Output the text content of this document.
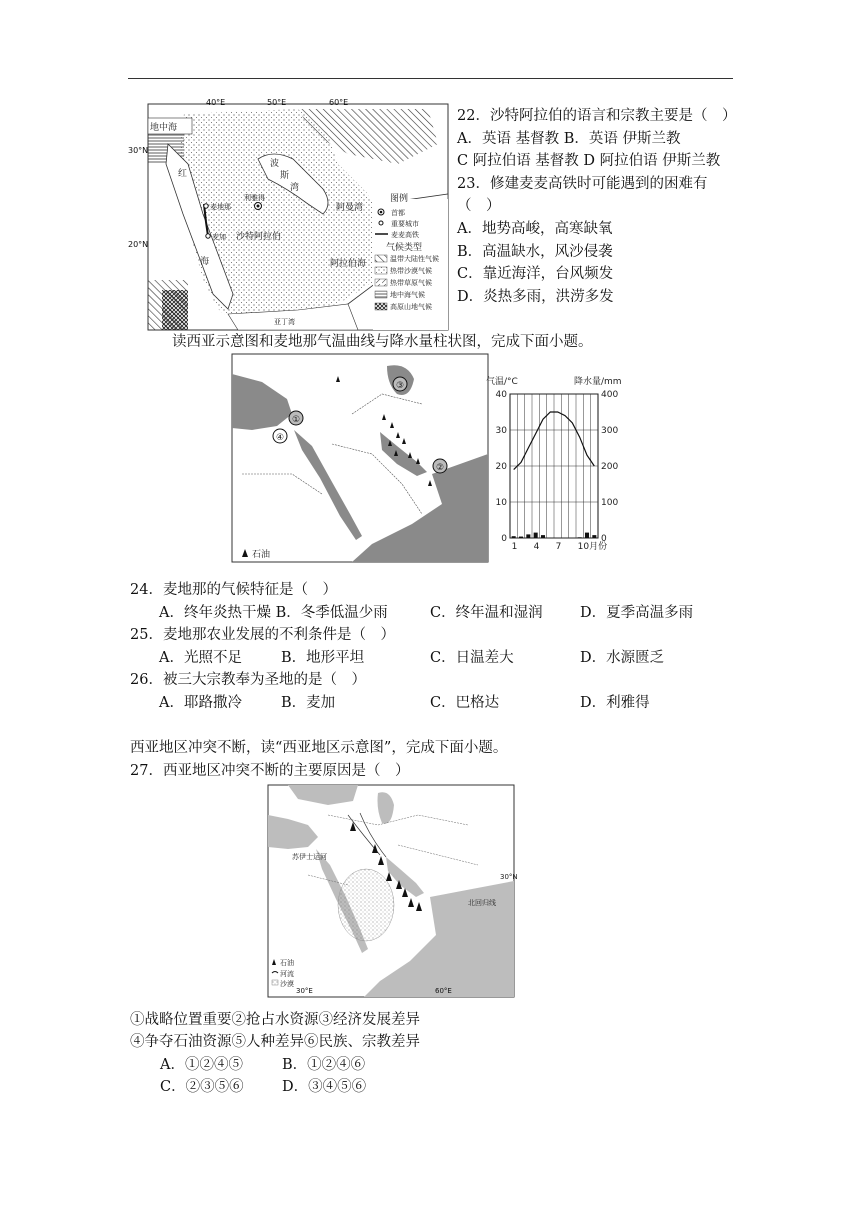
图例
首都
重要城市
麦麦高铁
气候类型
温带大陆性气候
热带沙漠气候
热带草原气候
地中海气候
高原山地气候
地中海
波
斯
湾
利雅得
麦地那
麦加 沙特阿拉伯
红
海
阿曼湾
阿拉伯海
亚丁湾
40°E	50°E	60°E
30°N
20°N
22．沙特阿拉伯的语言和宗教主要是（　）
A．英语 基督教 B．英语 伊斯兰教
C 阿拉伯语 基督教 D 阿拉伯语 伊斯兰教
23．修建麦麦高铁时可能遇到的困难有
（　）
A．地势高峻，高寒缺氧
B．高温缺水，风沙侵袭
C．靠近海洋，台风频发
D．炎热多雨，洪涝多发
读西亚示意图和麦地那气温曲线与降水量柱状图，完成下面小题。
①
②
③
④
石油
气温/°C	降水量/mm
40	400
30	300
20	200
10	100
0	0
1 4 7 10月份
24．麦地那的气候特征是（　）
A．终年炎热干燥 B．冬季低温少雨	C．终年温和湿润	D．夏季高温多雨
25．麦地那农业发展的不利条件是（　）
A．光照不足	B．地形平坦	C．日温差大	D．水源匮乏
26．被三大宗教奉为圣地的是（　）
A．耶路撒冷	B．麦加	C．巴格达	D．利雅得
西亚地区冲突不断，读“西亚地区示意图”，完成下面小题。
27．西亚地区冲突不断的主要原因是（　）
苏伊士运河
30°N
北回归线
石油
河流
沙漠
30°E	60°E
①战略位置重要②抢占水资源③经济发展差异
④争夺石油资源⑤人种差异⑥民族、宗教差异
A．①②④⑤	B．①②④⑥
C．②③⑤⑥	D．③④⑤⑥
